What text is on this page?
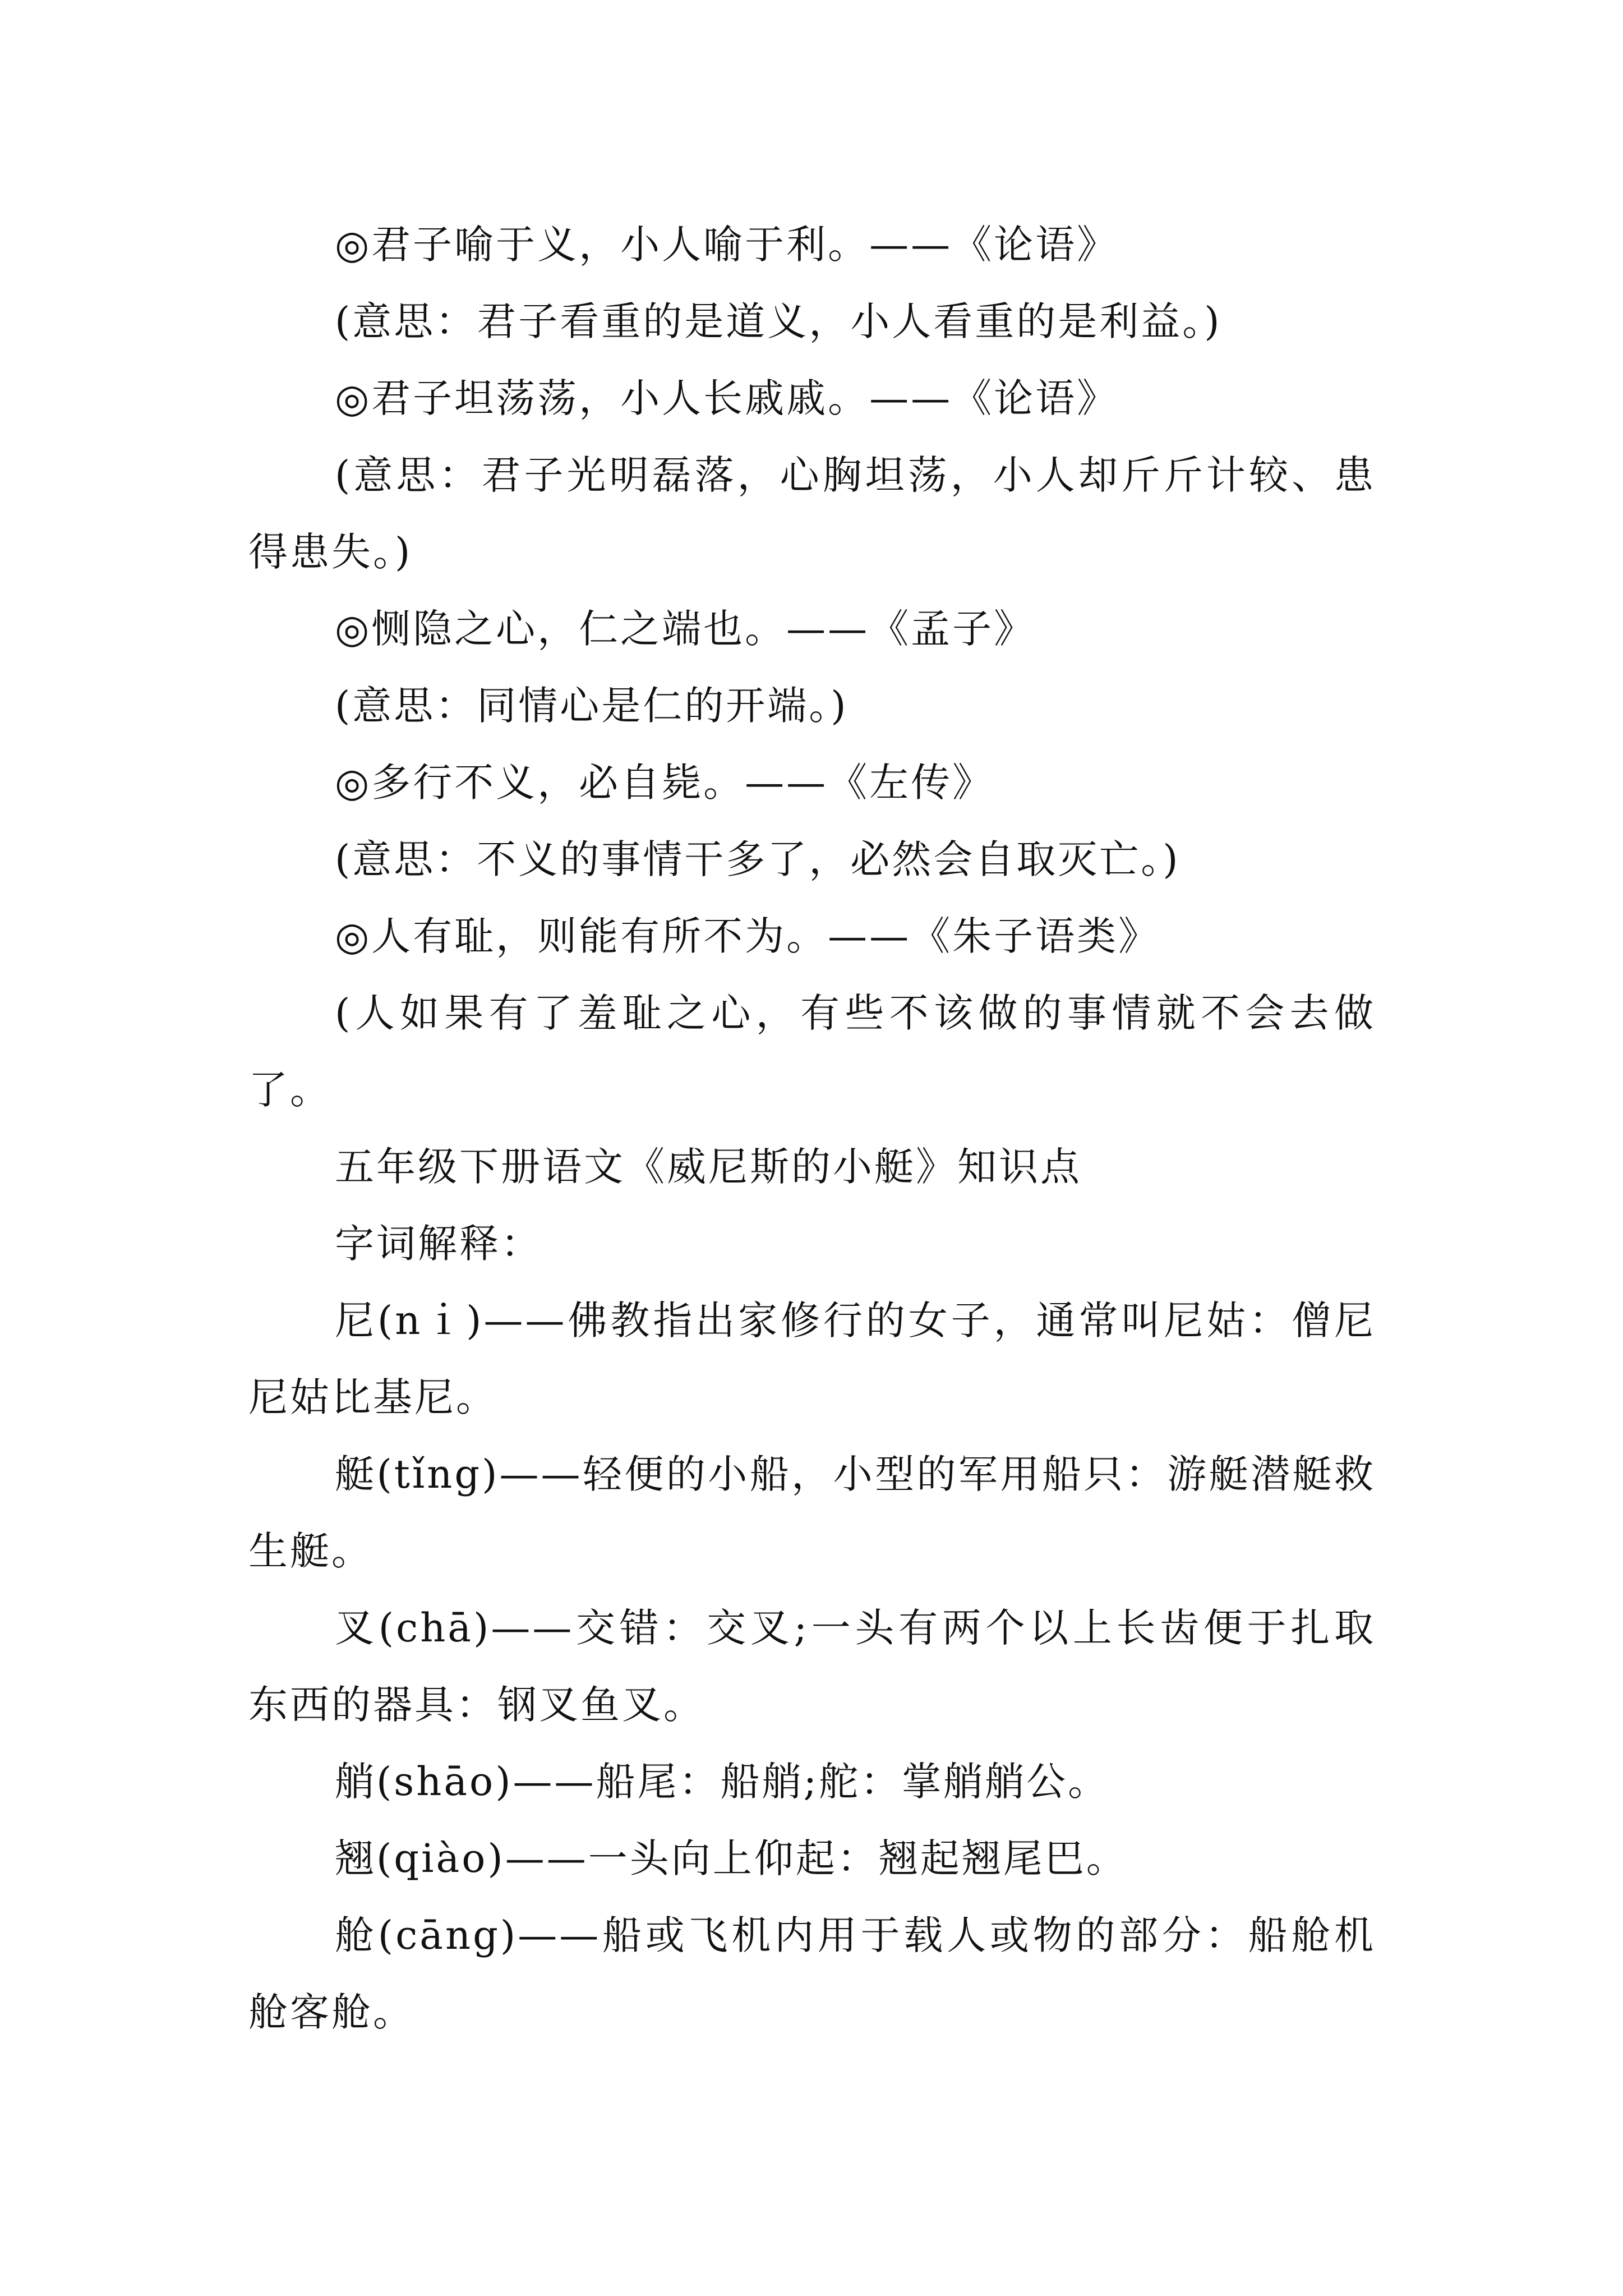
◎君子喻于义，小人喻于利。——《论语》

(意思：君子看重的是道义，小人看重的是利益。)

◎君子坦荡荡，小人长戚戚。——《论语》

(意思：君子光明磊落，心胸坦荡，小人却斤斤计较、患得患失。)

◎恻隐之心，仁之端也。——《孟子》

(意思：同情心是仁的开端。)

◎多行不义，必自毙。——《左传》

(意思：不义的事情干多了，必然会自取灭亡。)

◎人有耻，则能有所不为。——《朱子语类》

(人如果有了羞耻之心，有些不该做的事情就不会去做了。

五年级下册语文《威尼斯的小艇》知识点

字词解释：

尼(nｉ)——佛教指出家修行的女子，通常叫尼姑：僧尼尼姑比基尼。

艇(tǐng)——轻便的小船，小型的军用船只：游艇潜艇救生艇。

叉(chā)——交错：交叉;一头有两个以上长齿便于扎取东西的器具：钢叉鱼叉。

艄(shāo)——船尾：船艄;舵：掌艄艄公。

翘(qiào)——一头向上仰起：翘起翘尾巴。

舱(cāng)——船或飞机内用于载人或物的部分：船舱机舱客舱。
